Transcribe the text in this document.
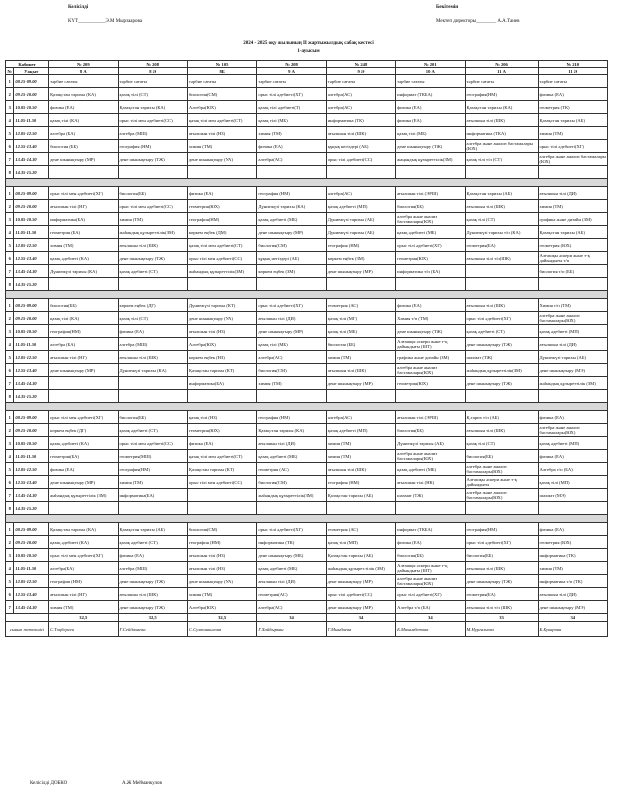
Келісілді
КҮТ___________Э.М Мырзаарова
Бекітемін
Мектеп директоры________ А.А.Таиев
2024 - 2025 оқу жылының II жартыжылдық сабақ кестесі
1-ауысым
Кабинет		№ 209	№ 208	№ 105	№ 208	№ 248	№ 201	№ 206	№ 210
№	Уақыт	8 А	8 Ә	8Б	9 А	9 Ә	10 А	11 А	11 Ә
1	08.15-09.00	тәрбие сағаты	тәрбие сағаты	тәрбие сағаты	тәрбие сағаты	тәрбие сағаты	тәрбие сағаты	тәрбие сағаты	тәрбие сағаты
2	09.15-10.00	Қазақстан тарихы (КА)	қазақ тілі (СТ)	биология(СМ)	орыс тілі әдебиеті(ХГ)	алгебра(АС)	информат (ТКБА)	география(НМ)	физика (ЕА)
3	10.05-10.50	физика (ЕА)	Қазақстан тарихы (КА)	Алгебра(ЮХ)	қазақ тілі әдебиеті(Т)	алгебра(АС)	физика (ЕА)	Қазақстан тарихы (КА)	геометрия (ТК)
4	11.05-11.50	қазақ тілі (КА)	орыс тілі мен әдебиеті(СС)	қазақ тілі мен әдебиеті(СТ)	қазақ тілі (МБ)	информатика (ТК)	физика (ЕА)	ағылшын тілі (ШК)	Қазақстан тарихы (АБ)
5	12.05-12.50	алгебра (БА)	алгебра (МШ)	ағылшын тілі (НЗ)	химия (ТМ)	ағылшын тілі (ШК)	қазақ тілі (МБ)	информатика (ТКА)	химия (ТМ)
6	12.55-13.40	биология (ББ)	география (НМ)	химия (ТМ)	физика (ЕА)	құқық негіздері (АБ)	дене шынықтыру (ТЖ)	алгебра және анализ бастамалары (ЮХ)	орыс тілі әдебиеті(ХГ)
7	13.45-14.30	дене шынықтыру (МР)	дене шынықтыру (ТЖ)	дене шынықтыру (УА)	алгебра(АС)	орыс тілі әдебиеті(СС)	жаңандық құзыреттілік(ЗМ)	қазақ тілі т/п (СТ)	алгебра және анализ бастамалары (ЮХ)
8	14.35-15.20								

1	08.15-09.00	орыс тілі мен әдебиеті(ХГ)	биология(ББ)	физика (ЕА)	география (НМ)	алгебра(АС)	ағылшын тілі (ЭРШ)	Қазақстан тарихы (АБ)	ағылшын тілі (ДИ)
2	09.15-10.00	ағылшын тілі (НГ)	орыс тілі мен әдебиеті(СС)	геометрия(ЮХ)	Дүниежүзі тарихы (КА)	қазақ әдебиеті (МП)	биология(ББ)	ағылшын тілі (ШК)	химия (ТМ)
3	10.05-10.50	информатика(БА)	химия (ТМ)	география(НМ)	қазақ әдебиеті (МБ)	Дүниежүзі тарихы (АБ)	алгебра және анализ бастамалары(ЮХ)	қазақ тілі (СТ)	графика және дизайн (ЗМ)
4	11.05-11.50	геометрия (БА)	жаһандық құзыреттілік(ЗМ)	көркем еңбек (ДМ)	дене шынықтыру (МР)	Дүниежүзі тарихы (АБ)	қазақ әдебиеті (МБ)	Дүниежүзі тарихы т/п (КА)	Қазақстан тарихы (АБ)
5	12.05-12.50	химия (ТМ)	ағылшын тілі (ШК)	қазақ тілі мен әдебиеті(СТ)	биология(СМ)	география (НМ)	орыс тілі әдебиеті(ХГ)	геометрия(БА)	геометрия (ЮХ)
6	12.55-13.40	қазақ әдебиеті (КА)	дене шынықтыру (ТЖ)	орыс тілі мен әдебиеті(СС)	құқық негіздері (АБ)	көркем еңбек (ЗМ)	геометрия(ЮХ)	ағылшын тілі т/п(ШК)	Алғашқы әскери және т-қ дайындығы т/п
7	13.45-14.30	Дүниежүзі тарихы (КА)	қазақ әдебиеті (СТ)	жаһандық құзыреттілік(ЗМ)	көркем еңбек (ЗМ)	дене шынықтыру (МР)	информатика т/п (БА)		биология т/п (ББ)
8	14.35-15.20								

1	08.15-09.00	биология(ББ)	көркем еңбек (ДГ)	Дүниежүзі тарихы (КТ)	орыс тілі әдебиеті(ХГ)	геометрия (АС)	физика (ЕА)	ағылшын тілі (ШК)	Химия т/п (ТМ)
2	09.15-10.00	қазақ тілі (КА)	қазақ тілі (СТ)	дене шынықтыру (УА)	ағылшын тілі (ДИ)	қазақ тілі (МГ)	Химия т/п (ТМ)	орыс тілі әдебиеті(ХГ)	алгебра және анализ бастамалары(ЮХ)
3	10.05-10.50	география(НМ)	физика (ЕА)	ағылшын тілі (НЗ)	дене шынықтыру (МР)	қазақ тілі (МБ)	дене шынықтыру (ТЖ)	қазақ әдебиеті (СТ)	қазақ әдебиеті (МП)
4	11.05-11.50	алгебра (БА)	алгебра (МШ)	Алгебра(ЮХ)	қазақ тілі (МБ)	биология (ББ)	Алғашқы әскери және т-қ дайындығы (ШТ)	дене шынықтыру (ТЖ)	ағылшын тілі (ДИ)
5	12.05-12.50	ағылшын тілі (НГ)	ағылшын тілі (ШК)	көркем еңбек (НЗ)	алгебра(АС)	химия (ТМ)	графика және дизайн (ЗМ)	шахмат (ТЖ)	Дүниежүзі тарихы (АБ)
6	12.55-13.40	дене шынықтыру (МР)	Дүниежүзі тарихы (КА)	Қазақстан тарихы (КТ)	биология(СМ)	ағылшын тілі (ШК)	алгебра және анализ бастамалары(ЮХ)	жаһандық құзыреттілік(ЗМ)	дене шынықтыру (МЭ)
7	13.45-14.30			информатика(БА)	химия (ТМ)	дене шынықтыру (МР)	геометрия(ЮХ)	дене шынықтыру (ТЖ)	жаһандық құзыреттілік (ЗМ)
8	14.35-15.20								

1	08.15-09.00	орыс тілі мен әдебиеті(ХГ)	биология(ББ)	қазақ тілі (НЗ)	география (НМ)	алгебра(АС)	ағылшын тілі (ЭРШ)	Қ.тарих т/п (АБ)	физика (ЕА)
2	09.15-10.00	көркем еңбек (ДГ)	қазақ әдебиеті (СТ)	геометрия(ЮХ)	Қазақстан тарихы (КА)	қазақ әдебиеті (МП)	биология(ББ)	ағылшын тілі (ШК)	алгебра және анализ бастамалары(ЮХ)
3	10.05-10.50	қазақ әдебиеті (КА)	орыс тілі мен әдебиеті(СС)	физика (ЕА)	ағылшын тілі (ДИ)	химия (ТМ)	Дүниежүзі тарихы (АБ)	қазақ тілі (СТ)	қазақ әдебиеті (МП)
4	11.05-11.50	геометрия(БА)	геометрия(МШ)	қазақ тілі мен әдебиеті(СТ)	қазақ әдебиеті (МБ)	химия (ТМ)	алгебра және анализ бастамалары(ЮХ)	биология(ББ)	физика (ЕА)
5	12.05-12.50	физика (ЕА)	география(НМ)	Қазақстан тарихы (КТ)	геометрия (АС)	ағылшын тілі (ШК)	қазақ әдебиеті (МБ)	алгебра және анализ бастамалары(ЮХ)	Алгебра т/п (БА)
6	12.55-13.40	дене шынықтыру (МР)	химия (ТМ)	орыс тілі мен әдебиеті(СС)	биология(СМ)	география (НМ)	ағылшын тілі (НК)	Алғашқы әскери және т-қ дайындығы	қазақ тілі (МП)
7	13.45-14.30	жаһандық құзыреттілік (ЗМ)	информатика(БА)		жаһандық құзыреттілік(ЗМ)	Қазақстан тарихы (АБ)	шахмат (ТЖ)	алгебра және анализ бастамалары(ЮХ)	шахмат (МЭ)
8	14.35-15.20								

1	08.15-09.00	Қазақстан тарихы (КА)	Қазақстан тарихы (АБ)	биология(СМ)	орыс тілі әдебиеті(ХГ)	геометрия (АС)	информат (ТКБА)	география(НМ)	физика (ЕА)
2	09.15-10.00	қазақ әдебиеті (КА)	қазақ әдебиеті (СТ)	география (НМ)	информатика (ТК)	қазақ тілі (МП)	физика (ЕА)	орыс тілі әдебиеті(ХГ)	геометрия (ЮХ)
3	10.05-10.50	орыс тілі мен әдебиеті(ХГ)	физика (ЕА)	ағылшын тілі (НЗ)	дене шынықтыру (МБ)	Қазақстан тарихы (АБ)	биология(ББ)	биология(ББ)	информатика (ТК)
4	11.05-11.50	алгебра(БА)	алгебра (МШ)	ағылшын тілі (НЗ)	қазақ әдебиеті (МБ)	жаһандық құзырет.тілік (ЗМ)	Алғашқы әскери және т-қ дайындығы (ШТ)	ағылшын тілі (ШК)	химия (ТМ)
5	12.05-12.50	география (НМ)	дене шынықтыру (ТЖ)	дене шынықтыру (УА)	ағылшын тілі (ДИ)	дене шынықтыру (МР)	алгебра және анализ бастамалары(ЮХ)	дене шынықтыру (ТЖ)	информатика т/п (ТК)
6	12.55-13.40	ағылшын тілі (НГ)	ағылшын тілі (ШК)	химия (ТМ)	геометрия(АС)	орыс тілі әдебиеті(СС)	орыс тілі әдебиеті(ХГ)	геометрия(БА)	ағылшын тілі (ДИ)
7	13.45-14.30	химия (ТМ)	дене шынықтыру (ТЖ)	Алгебра(ЮХ)	алгебра(АС)	дене шынықтыру (МР)	Алгебра т/п (БА)	ағылшын тілі т/п (ШК)	дене шынықтыру (МЭ)
		32,5	32,5	32,5	34	34	34	33	34
сынып жетекшісі		С.Тоқберген	Г.Сейдахаева	С.Султанкилова	Г.Хайдыркан	Г.Мынбаева	Б.Махамбетова	М.Нургалиева	Б.Букарова
Келісілді ДОБКО	А.Ж Мейманкулов
